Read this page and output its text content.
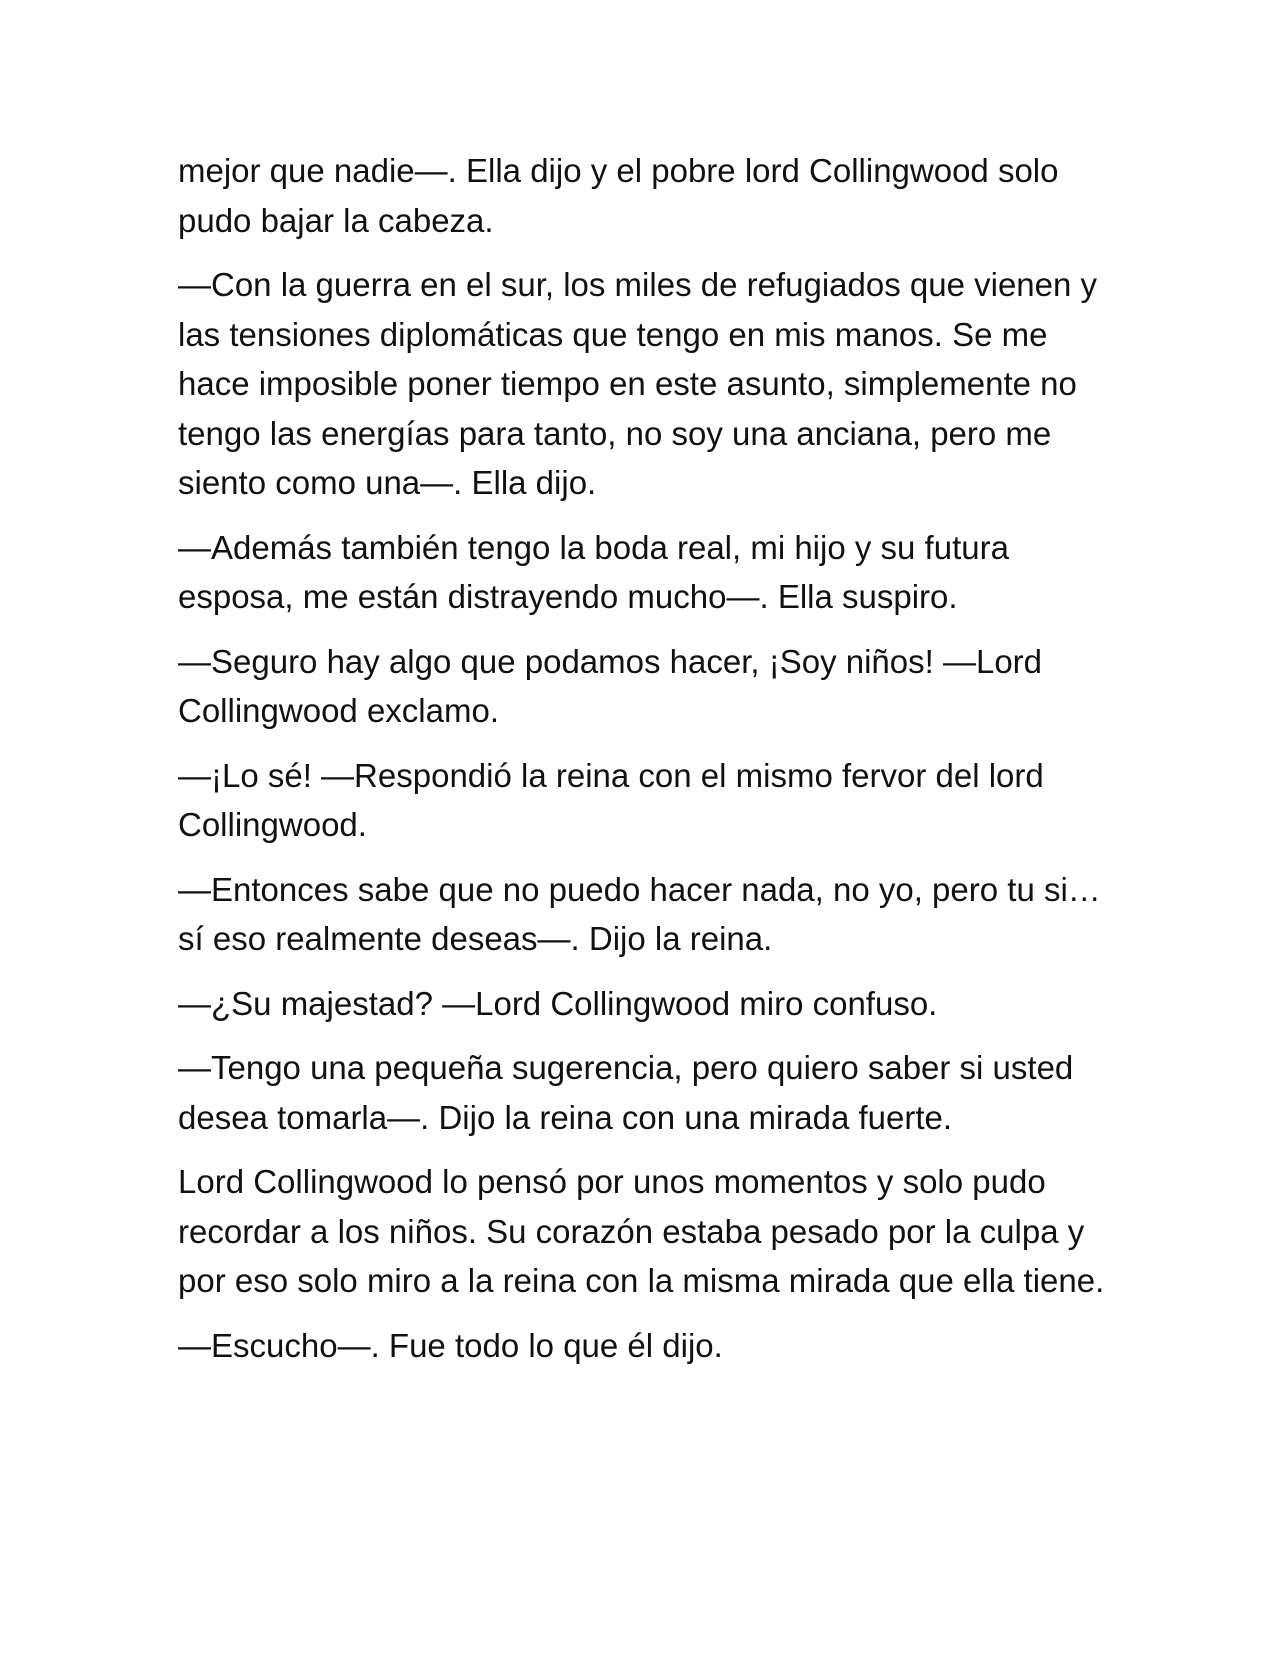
mejor que nadie—. Ella dijo y el pobre lord Collingwood solo pudo bajar la cabeza.

—Con la guerra en el sur, los miles de refugiados que vienen y las tensiones diplomáticas que tengo en mis manos. Se me hace imposible poner tiempo en este asunto, simplemente no tengo las energías para tanto, no soy una anciana, pero me siento como una—. Ella dijo.

—Además también tengo la boda real, mi hijo y su futura esposa, me están distrayendo mucho—. Ella suspiro.

—Seguro hay algo que podamos hacer, ¡Soy niños! —Lord Collingwood exclamo.

—¡Lo sé! —Respondió la reina con el mismo fervor del lord Collingwood.

—Entonces sabe que no puedo hacer nada, no yo, pero tu si… sí eso realmente deseas—. Dijo la reina.

—¿Su majestad? —Lord Collingwood miro confuso.

—Tengo una pequeña sugerencia, pero quiero saber si usted desea tomarla—. Dijo la reina con una mirada fuerte.

Lord Collingwood lo pensó por unos momentos y solo pudo recordar a los niños. Su corazón estaba pesado por la culpa y por eso solo miro a la reina con la misma mirada que ella tiene.

—Escucho—. Fue todo lo que él dijo.
